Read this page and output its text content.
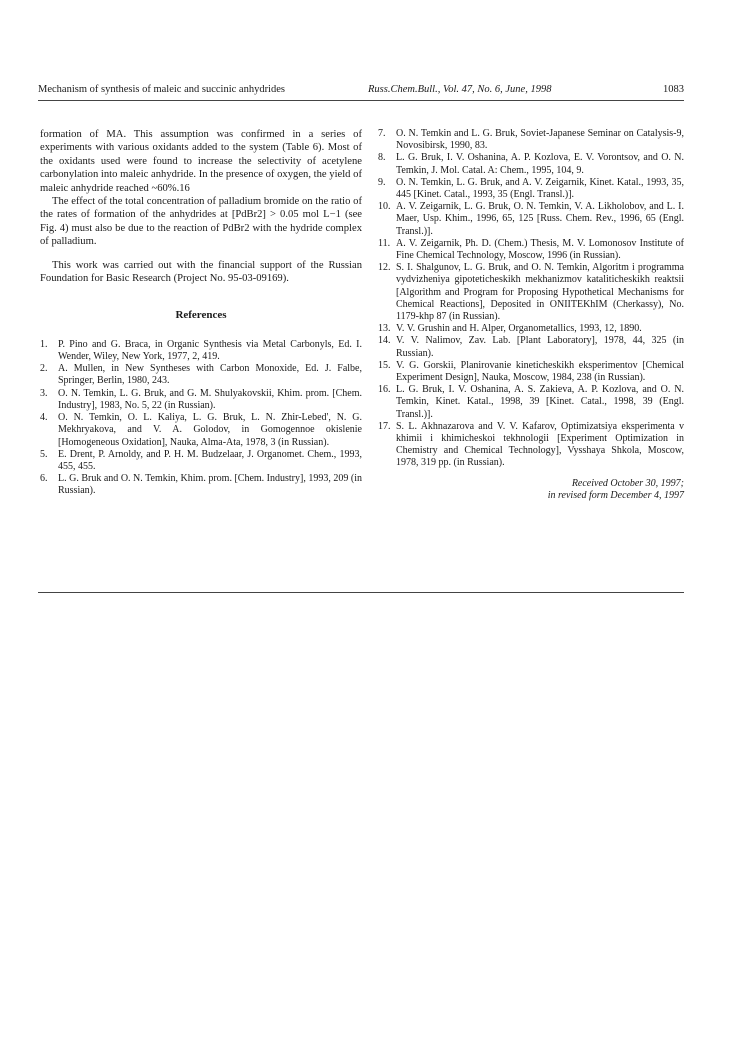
Mechanism of synthesis of maleic and succinic anhydrides	Russ.Chem.Bull., Vol. 47, No. 6, June, 1998	1083

formation of MA. This assumption was confirmed in a series of experiments with various oxidants added to the system (Table 6). Most of the oxidants used were found to increase the selectivity of acetylene carbonylation into maleic anhydride. In the presence of oxygen, the yield of maleic anhydride reached ~60%.16

The effect of the total concentration of palladium bromide on the ratio of the rates of formation of the anhydrides at [PdBr2] > 0.05 mol L−1 (see Fig. 4) must also be due to the reaction of PdBr2 with the hydride complex of palladium.

This work was carried out with the financial support of the Russian Foundation for Basic Research (Project No. 95-03-09169).

References
1. P. Pino and G. Braca, in Organic Synthesis via Metal Carbonyls, Ed. I. Wender, Wiley, New York, 1977, 2, 419.
2. A. Mullen, in New Syntheses with Carbon Monoxide, Ed. J. Falbe, Springer, Berlin, 1980, 243.
3. O. N. Temkin, L. G. Bruk, and G. M. Shulyakovskii, Khim. prom. [Chem. Industry], 1983, No. 5, 22 (in Russian).
4. O. N. Temkin, O. L. Kaliya, L. G. Bruk, L. N. Zhir-Lebed', N. G. Mekhryakova, and V. A. Golodov, in Gomogennoe okislenie [Homogeneous Oxidation], Nauka, Alma-Ata, 1978, 3 (in Russian).
5. E. Drent, P. Arnoldy, and P. H. M. Budzelaar, J. Organomet. Chem., 1993, 455, 455.
6. L. G. Bruk and O. N. Temkin, Khim. prom. [Chem. Industry], 1993, 209 (in Russian).
7. O. N. Temkin and L. G. Bruk, Soviet-Japanese Seminar on Catalysis-9, Novosibirsk, 1990, 83.
8. L. G. Bruk, I. V. Oshanina, A. P. Kozlova, E. V. Vorontsov, and O. N. Temkin, J. Mol. Catal. A: Chem., 1995, 104, 9.
9. O. N. Temkin, L. G. Bruk, and A. V. Zeigarnik, Kinet. Katal., 1993, 35, 445 [Kinet. Catal., 1993, 35 (Engl. Transl.)].
10. A. V. Zeigarnik, L. G. Bruk, O. N. Temkin, V. A. Likholobov, and L. I. Maer, Usp. Khim., 1996, 65, 125 [Russ. Chem. Rev., 1996, 65 (Engl. Transl.)].
11. A. V. Zeigarnik, Ph. D. (Chem.) Thesis, M. V. Lomonosov Institute of Fine Chemical Technology, Moscow, 1996 (in Russian).
12. S. I. Shalgunov, L. G. Bruk, and O. N. Temkin, Algoritm i programma vydvizheniya gipoteticheskikh mekhanizmov kataliticheskikh reaktsii [Algorithm and Program for Proposing Hypothetical Mechanisms for Chemical Reactions], Deposited in ONIITEKhIM (Cherkassy), No. 1179-khp 87 (in Russian).
13. V. V. Grushin and H. Alper, Organometallics, 1993, 12, 1890.
14. V. V. Nalimov, Zav. Lab. [Plant Laboratory], 1978, 44, 325 (in Russian).
15. V. G. Gorskii, Planirovanie kineticheskikh eksperimentov [Chemical Experiment Design], Nauka, Moscow, 1984, 238 (in Russian).
16. L. G. Bruk, I. V. Oshanina, A. S. Zakieva, A. P. Kozlova, and O. N. Temkin, Kinet. Katal., 1998, 39 [Kinet. Catal., 1998, 39 (Engl. Transl.)].
17. S. L. Akhnazarova and V. V. Kafarov, Optimizatsiya eksperimenta v khimii i khimicheskoi tekhnologii [Experiment Optimization in Chemistry and Chemical Technology], Vysshaya Shkola, Moscow, 1978, 319 pp. (in Russian).
Received October 30, 1997;
in revised form December 4, 1997
